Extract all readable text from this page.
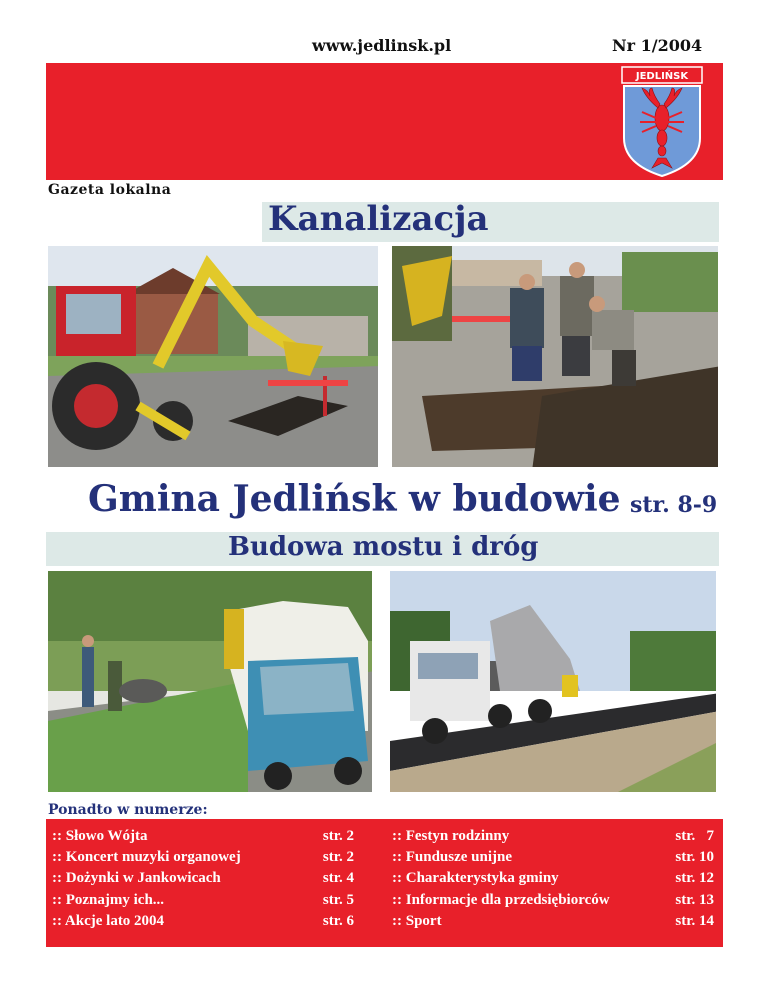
www.jedlinsk.pl	Nr 1/2004
JEDLIŃSK
Gazeta lokalna
Kanalizacja
Gmina Jedlińsk w budowie str. 8-9
Budowa mostu i dróg
Ponadto w numerze:
:: Słowo Wójta
:: Koncert muzyki organowej
:: Dożynki w Jankowicach
:: Poznajmy ich...
:: Akcje lato 2004
str. 2
str. 2
str. 4
str. 5
str. 6
:: Festyn rodzinny
:: Fundusze unijne
:: Charakterystyka gminy
:: Informacje dla przedsiębiorców
:: Sport
str.   7
str. 10
str. 12
str. 13
str. 14
